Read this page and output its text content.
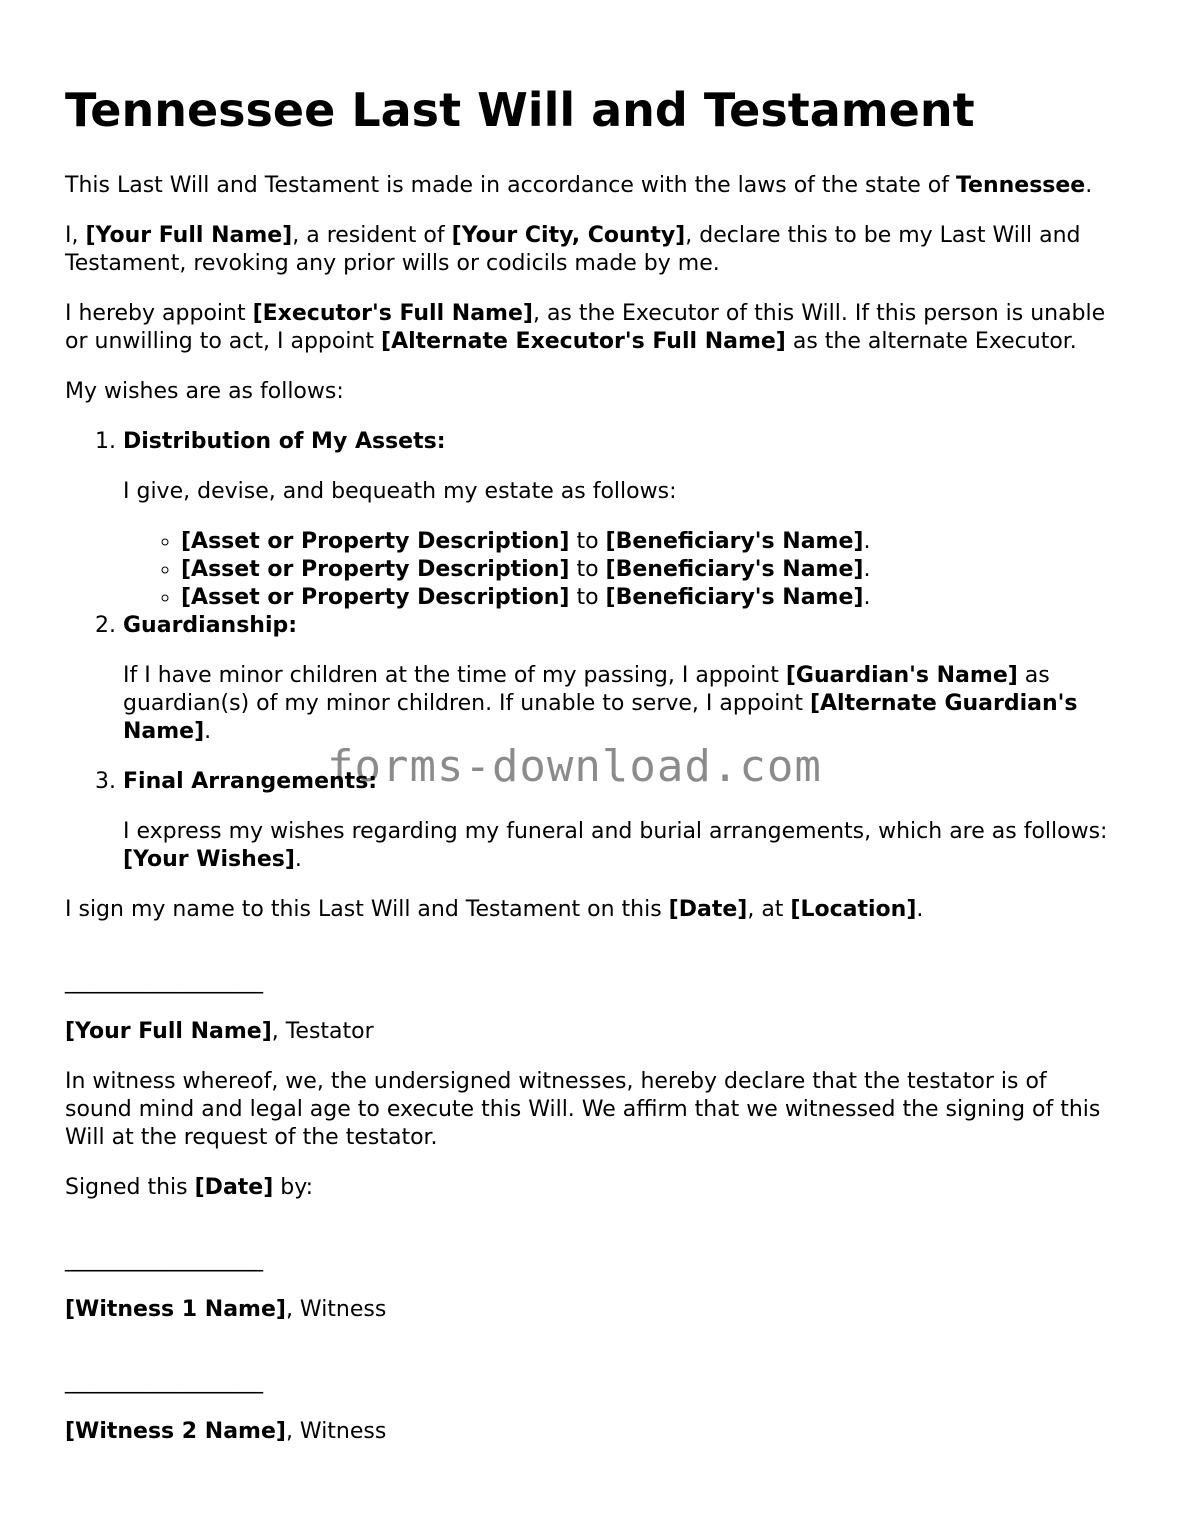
Tennessee Last Will and Testament

This Last Will and Testament is made in accordance with the laws of the state of Tennessee.

I, [Your Full Name], a resident of [Your City, County], declare this to be my Last Will and Testament, revoking any prior wills or codicils made by me.

I hereby appoint [Executor's Full Name], as the Executor of this Will. If this person is unable or unwilling to act, I appoint [Alternate Executor's Full Name] as the alternate Executor.

My wishes are as follows:

1. Distribution of My Assets:

I give, devise, and bequeath my estate as follows:

◦ [Asset or Property Description] to [Beneficiary's Name].
◦ [Asset or Property Description] to [Beneficiary's Name].
◦ [Asset or Property Description] to [Beneficiary's Name].

2. Guardianship:

If I have minor children at the time of my passing, I appoint [Guardian's Name] as guardian(s) of my minor children. If unable to serve, I appoint [Alternate Guardian's Name].

3. Final Arrangements:

I express my wishes regarding my funeral and burial arrangements, which are as follows: [Your Wishes].

I sign my name to this Last Will and Testament on this [Date], at [Location].

__________________

[Your Full Name], Testator

In witness whereof, we, the undersigned witnesses, hereby declare that the testator is of sound mind and legal age to execute this Will. We affirm that we witnessed the signing of this Will at the request of the testator.

Signed this [Date] by:

__________________

[Witness 1 Name], Witness

__________________

[Witness 2 Name], Witness

forms-download.com
